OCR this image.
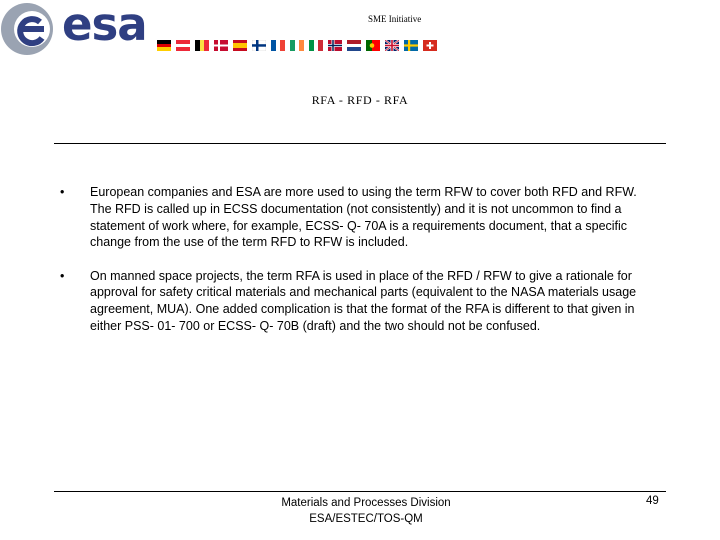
esa	SME Initiative
RFA - RFD - RFA
• European companies and ESA are more used to using the term RFW to cover both RFD and RFW. The RFD is called up in ECSS documentation (not consistently) and it is not uncommon to find a statement of work where, for example, ECSS- Q- 70A is a requirements document, that a specific change from the use of the term RFD to RFW is included.
• On manned space projects, the term RFA is used in place of the RFD / RFW to give a rationale for approval for safety critical materials and mechanical parts (equivalent to the NASA materials usage agreement, MUA). One added complication is that the format of the RFA is different to that given in either PSS- 01- 700 or ECSS- Q- 70B (draft) and the two should not be confused.
Materials and Processes Division
ESA/ESTEC/TOS-QM
49
